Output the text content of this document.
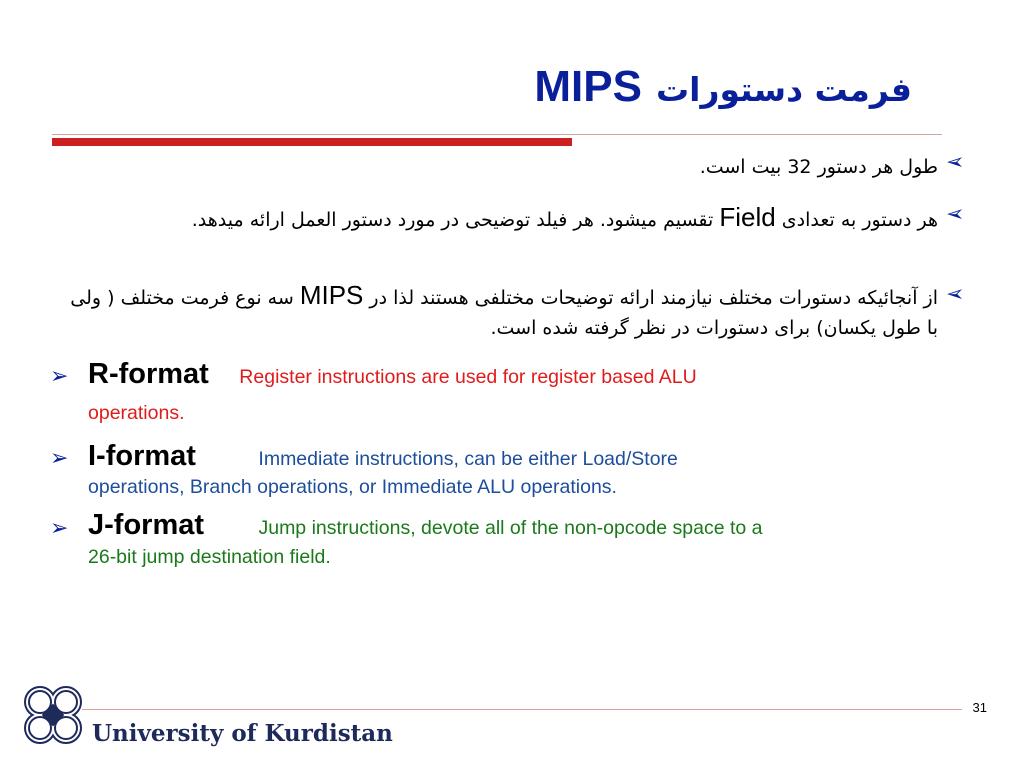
MIPS فرمت دستورات
➢
طول هر دستور 32 بیت است.
➢
هر دستور به تعدادی Field تقسیم میشود. هر فیلد توضیحی در مورد دستور العمل ارائه میدهد.
➢
از آنجائیکه دستورات مختلف نیازمند ارائه توضیحات مختلفی هستند لذا در MIPS سه نوع فرمت مختلف ( ولی با طول یکسان) برای دستورات در نظر گرفته شده است.
➢ R-format Register instructions are used for register based ALU
operations.
➢ I-format	Immediate instructions, can be either Load/Store
operations, Branch operations, or Immediate ALU operations.
➢ J-format	Jump instructions, devote all of the non-opcode space to a
26-bit jump destination field.
31
University of Kurdistan
